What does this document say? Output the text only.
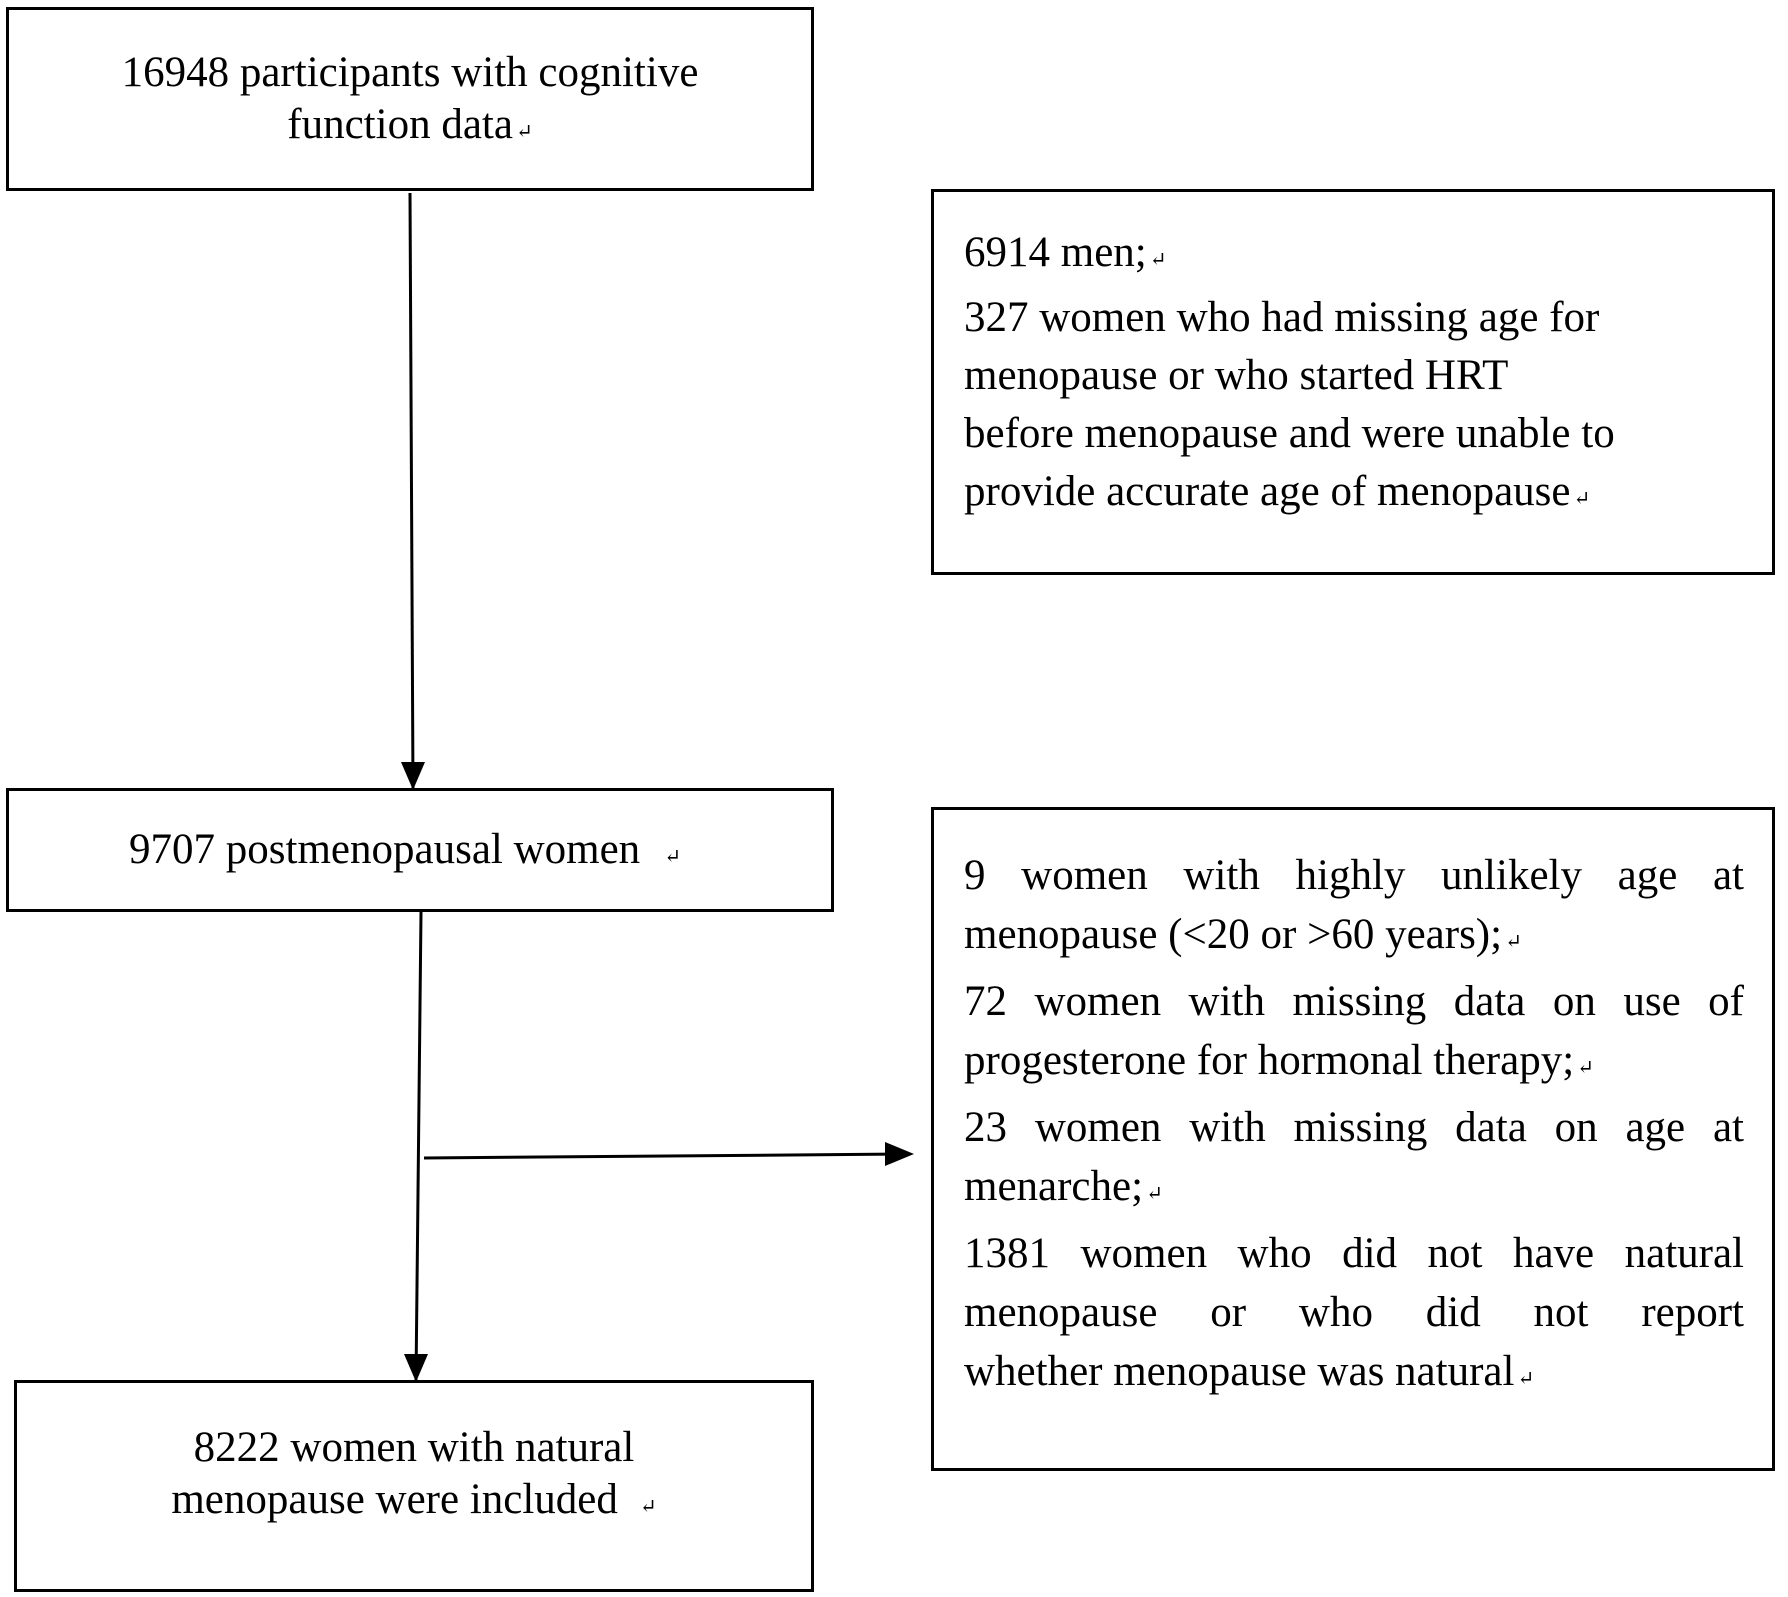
16948 participants with cognitive
function data ↵
6914 men; ↵
327 women who had missing age for
menopause or who started HRT
before menopause and were unable to
provide accurate age of menopause ↵
9707 postmenopausal women ↵	9 women with highly unlikely age at
menopause (<20 or >60 years); ↵
72 women with missing data on use of
progesterone for hormonal therapy; ↵
23 women with missing data on age at
menarche; ↵
1381 women who did not have natural
menopause or who did not report
whether menopause was natural ↵
8222 women with natural
menopause were included ↵
